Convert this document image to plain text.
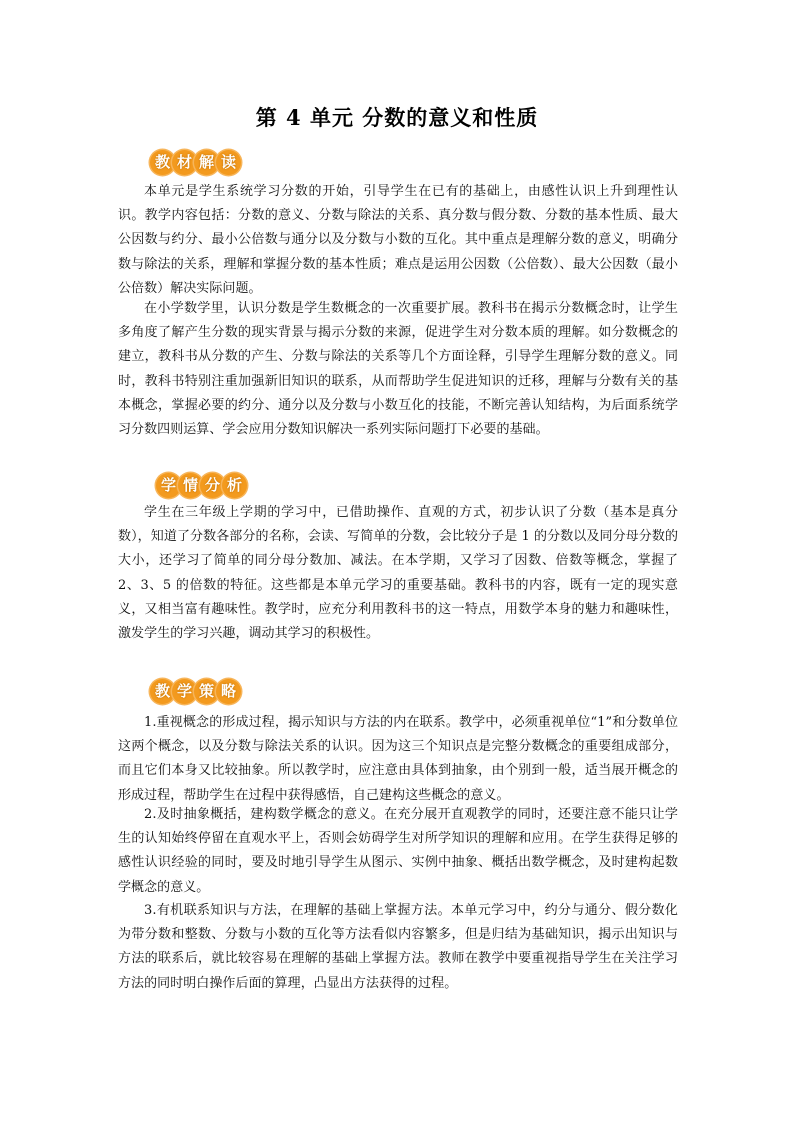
第 4 单元 分数的意义和性质
教 材 解 读

本单元是学生系统学习分数的开始，引导学生在已有的基础上，由感性认识上升到理性认识。教学内容包括：分数的意义、分数与除法的关系、真分数与假分数、分数的基本性质、最大公因数与约分、最小公倍数与通分以及分数与小数的互化。其中重点是理解分数的意义，明确分数与除法的关系，理解和掌握分数的基本性质；难点是运用公因数（公倍数）、最大公因数（最小公倍数）解决实际问题。

在小学数学里，认识分数是学生数概念的一次重要扩展。教科书在揭示分数概念时，让学生多角度了解产生分数的现实背景与揭示分数的来源，促进学生对分数本质的理解。如分数概念的建立，教科书从分数的产生、分数与除法的关系等几个方面诠释，引导学生理解分数的意义。同时，教科书特别注重加强新旧知识的联系，从而帮助学生促进知识的迁移，理解与分数有关的基本概念，掌握必要的约分、通分以及分数与小数互化的技能，不断完善认知结构，为后面系统学习分数四则运算、学会应用分数知识解决一系列实际问题打下必要的基础。

学 情 分 析

学生在三年级上学期的学习中，已借助操作、直观的方式，初步认识了分数（基本是真分数），知道了分数各部分的名称，会读、写简单的分数，会比较分子是 1 的分数以及同分母分数的大小，还学习了简单的同分母分数加、减法。在本学期，又学习了因数、倍数等概念，掌握了 2、3、5 的倍数的特征。这些都是本单元学习的重要基础。教科书的内容，既有一定的现实意义，又相当富有趣味性。教学时，应充分利用教科书的这一特点，用数学本身的魅力和趣味性，激发学生的学习兴趣，调动其学习的积极性。

教 学 策 略

1.重视概念的形成过程，揭示知识与方法的内在联系。教学中，必须重视单位“1”和分数单位这两个概念，以及分数与除法关系的认识。因为这三个知识点是完整分数概念的重要组成部分，而且它们本身又比较抽象。所以教学时，应注意由具体到抽象，由个别到一般，适当展开概念的形成过程，帮助学生在过程中获得感悟，自己建构这些概念的意义。

2.及时抽象概括，建构数学概念的意义。在充分展开直观教学的同时，还要注意不能只让学生的认知始终停留在直观水平上，否则会妨碍学生对所学知识的理解和应用。在学生获得足够的感性认识经验的同时，要及时地引导学生从图示、实例中抽象、概括出数学概念，及时建构起数学概念的意义。

3.有机联系知识与方法，在理解的基础上掌握方法。本单元学习中，约分与通分、假分数化为带分数和整数、分数与小数的互化等方法看似内容繁多，但是归结为基础知识，揭示出知识与方法的联系后，就比较容易在理解的基础上掌握方法。教师在教学中要重视指导学生在关注学习方法的同时明白操作后面的算理，凸显出方法获得的过程。
